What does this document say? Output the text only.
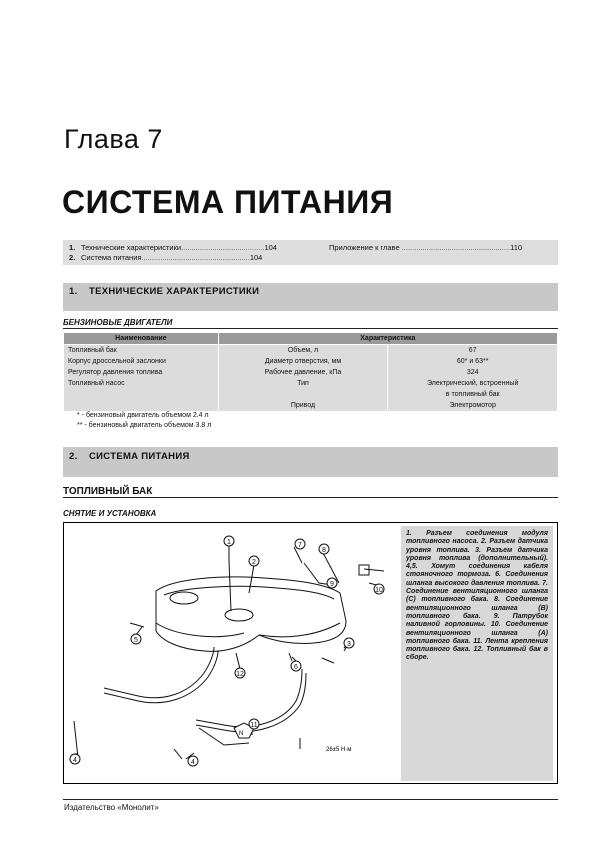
Глава 7
СИСТЕМА ПИТАНИЯ
1. Технические характеристики........................................104
2. Система питания....................................................104
Приложение к главе ....................................................110
1. ТЕХНИЧЕСКИЕ ХАРАКТЕРИСТИКИ
БЕНЗИНОВЫЕ ДВИГАТЕЛИ
Наименование	Характеристика	
Топливный бак	Объем, л	67
Корпус дроссельной заслонки	Диаметр отверстия, мм	60* и 63**
Регулятор давления топлива	Рабочее давление, кПа	324
Топливный насос	Тип	Электрический, встроенный
		в топливный бак
	Привод	Электромотор
* - бензиновый двигатель объемом 2.4 л
** - бензиновый двигатель объемом 3.8 л
2. СИСТЕМА ПИТАНИЯ
ТОПЛИВНЫЙ БАК
СНЯТИЕ И УСТАНОВКА
N
1
2
5
4	4
7
8
9
10
3
6
12
11
26±5 Н·м
1. Разъем соединения модуля топливного насоса. 2. Разъем датчика уровня топлива. 3. Разъем датчика уровня топлива (дополнительный). 4,5. Хомут соединения кабеля стояночного тормоза. 6. Соединения шланга высокого давления топлива. 7. Соединение вентиляционного шланга (С) топливного бака. 8. Соединение вентиляционного шланга (В) топливного бака. 9. Патрубок наливной горловины. 10. Соединение вентиляционного шланга (А) топливного бака. 11. Лента крепления топливного бака. 12. Топливный бак в сборе.
Издательство «Монолит»
